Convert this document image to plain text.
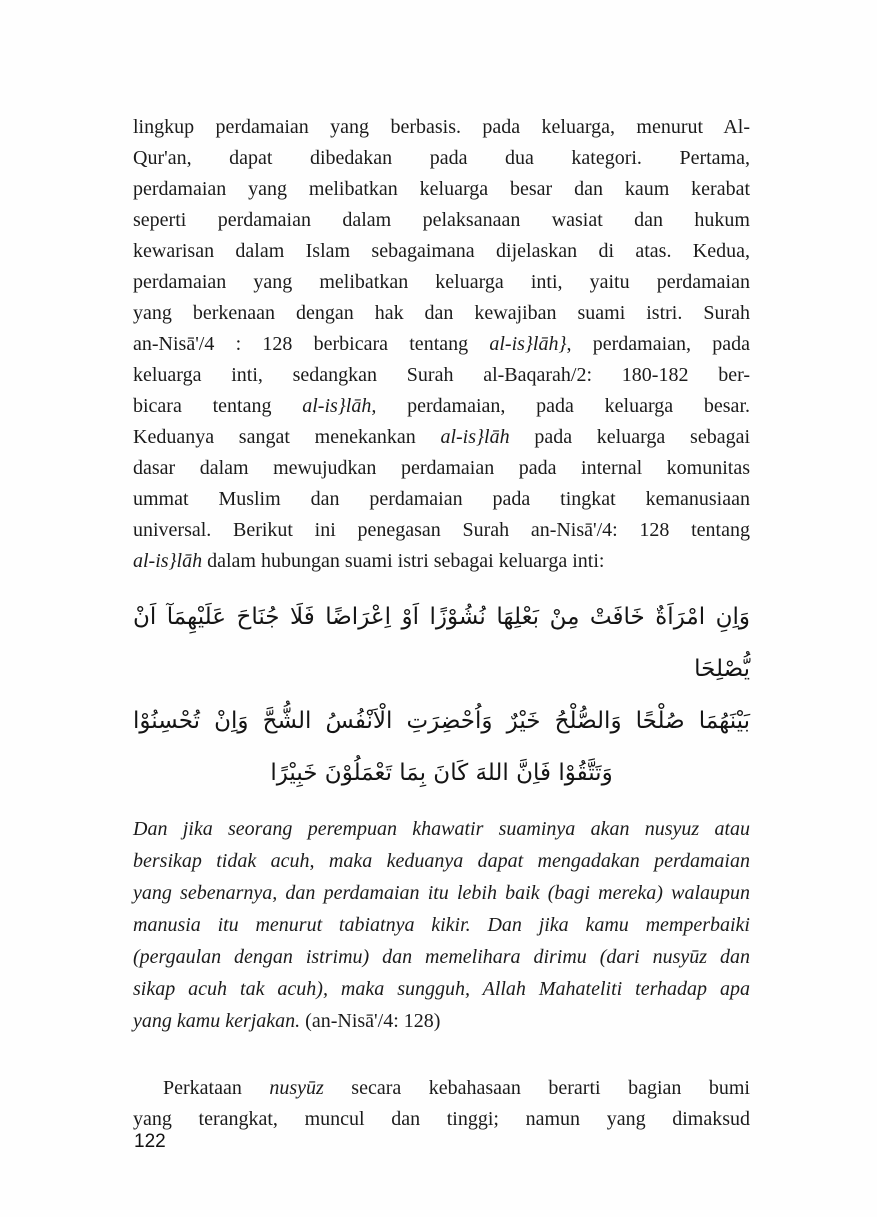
lingkup perdamaian yang berbasis. pada keluarga, menurut Al-
Qur'an, dapat dibedakan pada dua kategori. Pertama,
perdamaian yang melibatkan keluarga besar dan kaum kerabat
seperti perdamaian dalam pelaksanaan wasiat dan hukum
kewarisan dalam Islam sebagaimana dijelaskan di atas. Kedua,
perdamaian yang melibatkan keluarga inti, yaitu perdamaian
yang berkenaan dengan hak dan kewajiban suami istri. Surah
an-Nisā'/4 : 128 berbicara tentang al-is}lāh}, perdamaian, pada
keluarga inti, sedangkan Surah al-Baqarah/2: 180-182 ber-
bicara tentang al-is}lāh, perdamaian, pada keluarga besar.
Keduanya sangat menekankan al-is}lāh pada keluarga sebagai
dasar dalam mewujudkan perdamaian pada internal komunitas
ummat Muslim dan perdamaian pada tingkat kemanusiaan
universal. Berikut ini penegasan Surah an-Nisā'/4: 128 tentang
al-is}lāh dalam hubungan suami istri sebagai keluarga inti:
وَاِنِ امْرَاَةٌ خَافَتْ مِنْ بَعْلِهَا نُشُوْزًا اَوْ اِعْرَاضًا فَلَا جُنَاحَ عَلَيْهِمَآ اَنْ يُّصْلِحَا
بَيْنَهُمَا صُلْحًا وَالصُّلْحُ خَيْرٌ وَاُحْضِرَتِ الْاَنْفُسُ الشُّحَّ وَاِنْ تُحْسِنُوْا
وَتَتَّقُوْا فَاِنَّ اللهَ كَانَ بِمَا تَعْمَلُوْنَ خَبِيْرًا
Dan jika seorang perempuan khawatir suaminya akan nusyuz atau
bersikap tidak acuh, maka keduanya dapat mengadakan perdamaian
yang sebenarnya, dan perdamaian itu lebih baik (bagi mereka) walaupun
manusia itu menurut tabiatnya kikir. Dan jika kamu memperbaiki
(pergaulan dengan istrimu) dan memelihara dirimu (dari nusyūz dan
sikap acuh tak acuh), maka sungguh, Allah Mahateliti terhadap apa
yang kamu kerjakan. (an-Nisā'/4: 128)
Perkataan nusyūz secara kebahasaan berarti bagian bumi
yang terangkat, muncul dan tinggi; namun yang dimaksud
122
